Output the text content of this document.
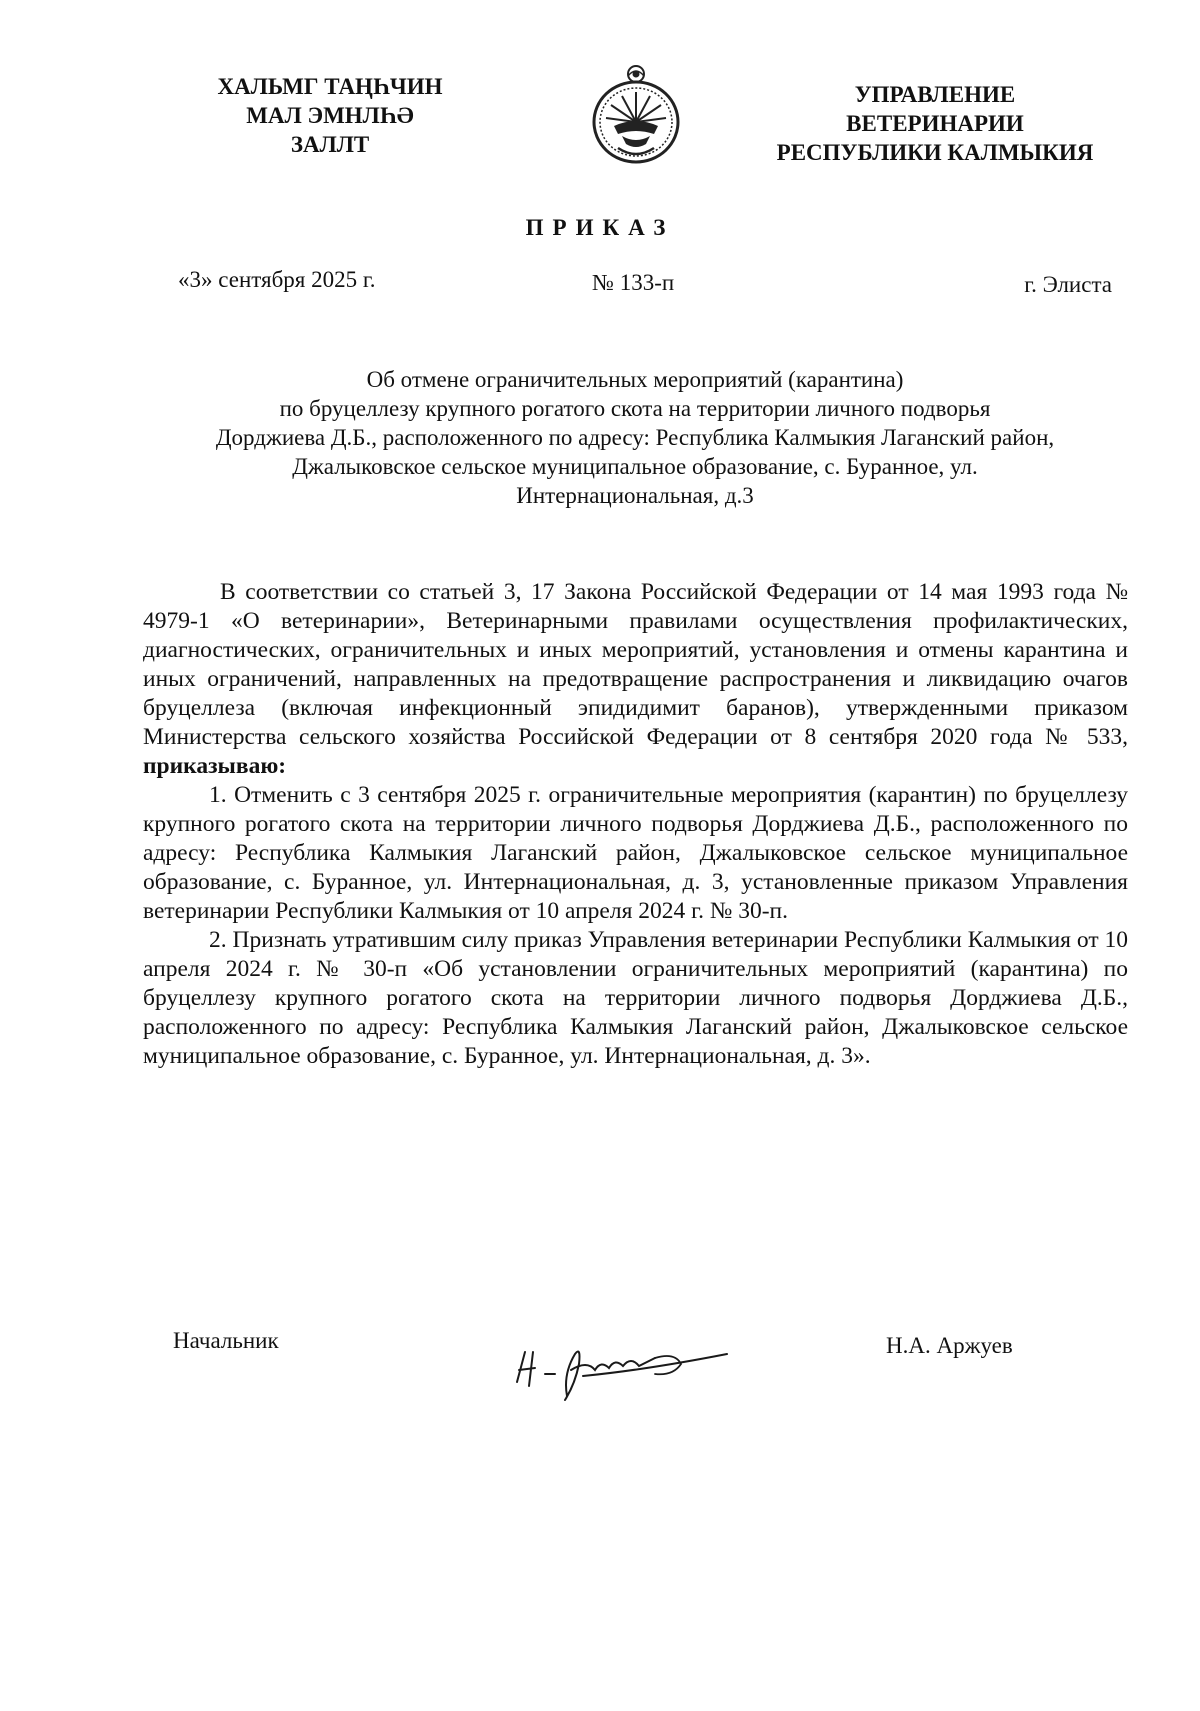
ХАЛЬМГ ТАҢҺЧИН
МАЛ ЭМНЛҺӘ
ЗАЛЛТ
УПРАВЛЕНИЕ
ВЕТЕРИНАРИИ
РЕСПУБЛИКИ КАЛМЫКИЯ
ПРИКАЗ
«3» сентября 2025 г.	№ 133-п	г. Элиста
Об отмене ограничительных мероприятий (карантина)
по бруцеллезу крупного рогатого скота на территории личного подворья
Дорджиева Д.Б., расположенного по адресу: Республика Калмыкия Лаганский район,
Джалыковское сельское муниципальное образование, с. Буранное, ул.
Интернациональная, д.3

В соответствии со статьей 3, 17 Закона Российской Федерации от 14 мая 1993 года № 4979-1 «О ветеринарии», Ветеринарными правилами осуществления профилактических, диагностических, ограничительных и иных мероприятий, установления и отмены карантина и иных ограничений, направленных на предотвращение распространения и ликвидацию очагов бруцеллеза (включая инфекционный эпидидимит баранов), утвержденными приказом Министерства сельского хозяйства Российской Федерации от 8 сентября 2020 года № 533, приказываю:

1. Отменить с 3 сентября 2025 г. ограничительные мероприятия (карантин) по бруцеллезу крупного рогатого скота на территории личного подворья Дорджиева Д.Б., расположенного по адресу: Республика Калмыкия Лаганский район, Джалыковское сельское муниципальное образование, с. Буранное, ул. Интернациональная, д. 3, установленные приказом Управления ветеринарии Республики Калмыкия от 10 апреля 2024 г. № 30-п.

2. Признать утратившим силу приказ Управления ветеринарии Республики Калмыкия от 10 апреля 2024 г. № 30-п «Об установлении ограничительных мероприятий (карантина) по бруцеллезу крупного рогатого скота на территории личного подворья Дорджиева Д.Б., расположенного по адресу: Республика Калмыкия Лаганский район, Джалыковское сельское муниципальное образование, с. Буранное, ул. Интернациональная, д. 3».

Начальник	Н.А. Аржуев
